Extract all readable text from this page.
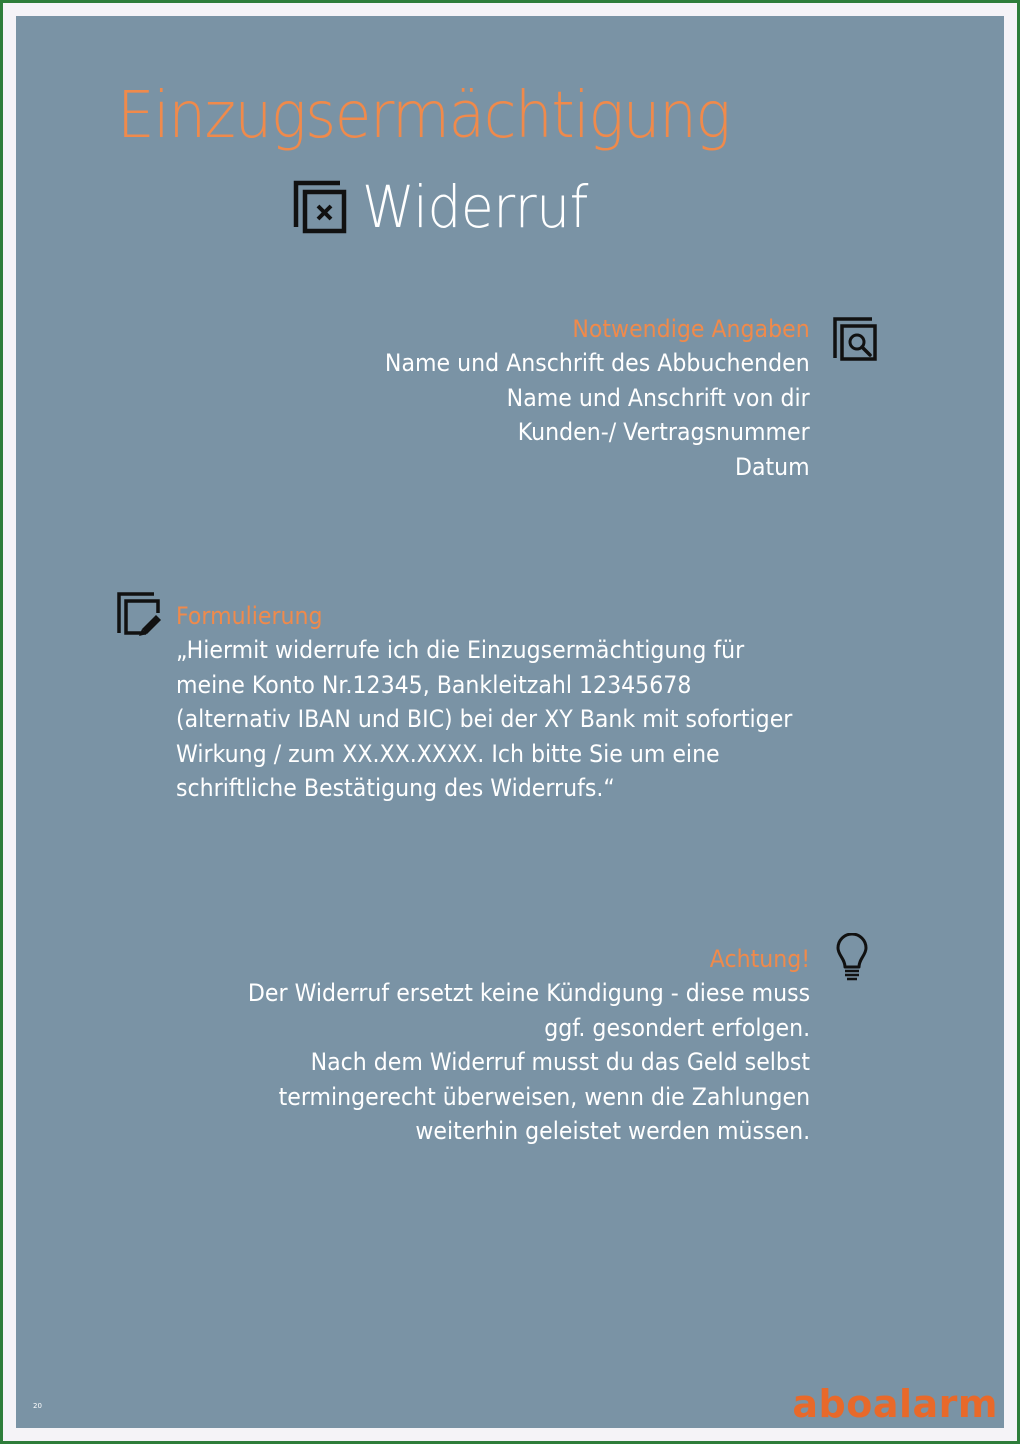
Einzugsermächtigung
Widerruf
Notwendige Angaben
Name und Anschrift des Abbuchenden
Name und Anschrift von dir
Kunden-/ Vertragsnummer
Datum
Formulierung
„Hiermit widerrufe ich die Einzugsermächtigung für
meine Konto Nr.12345, Bankleitzahl 12345678
(alternativ IBAN und BIC) bei der XY Bank mit sofortiger
Wirkung / zum XX.XX.XXXX. Ich bitte Sie um eine
schriftliche Bestätigung des Widerrufs.“
Achtung!
Der Widerruf ersetzt keine Kündigung - diese muss
ggf. gesondert erfolgen.
Nach dem Widerruf musst du das Geld selbst
termingerecht überweisen, wenn die Zahlungen
weiterhin geleistet werden müssen.
20	aboalarm
